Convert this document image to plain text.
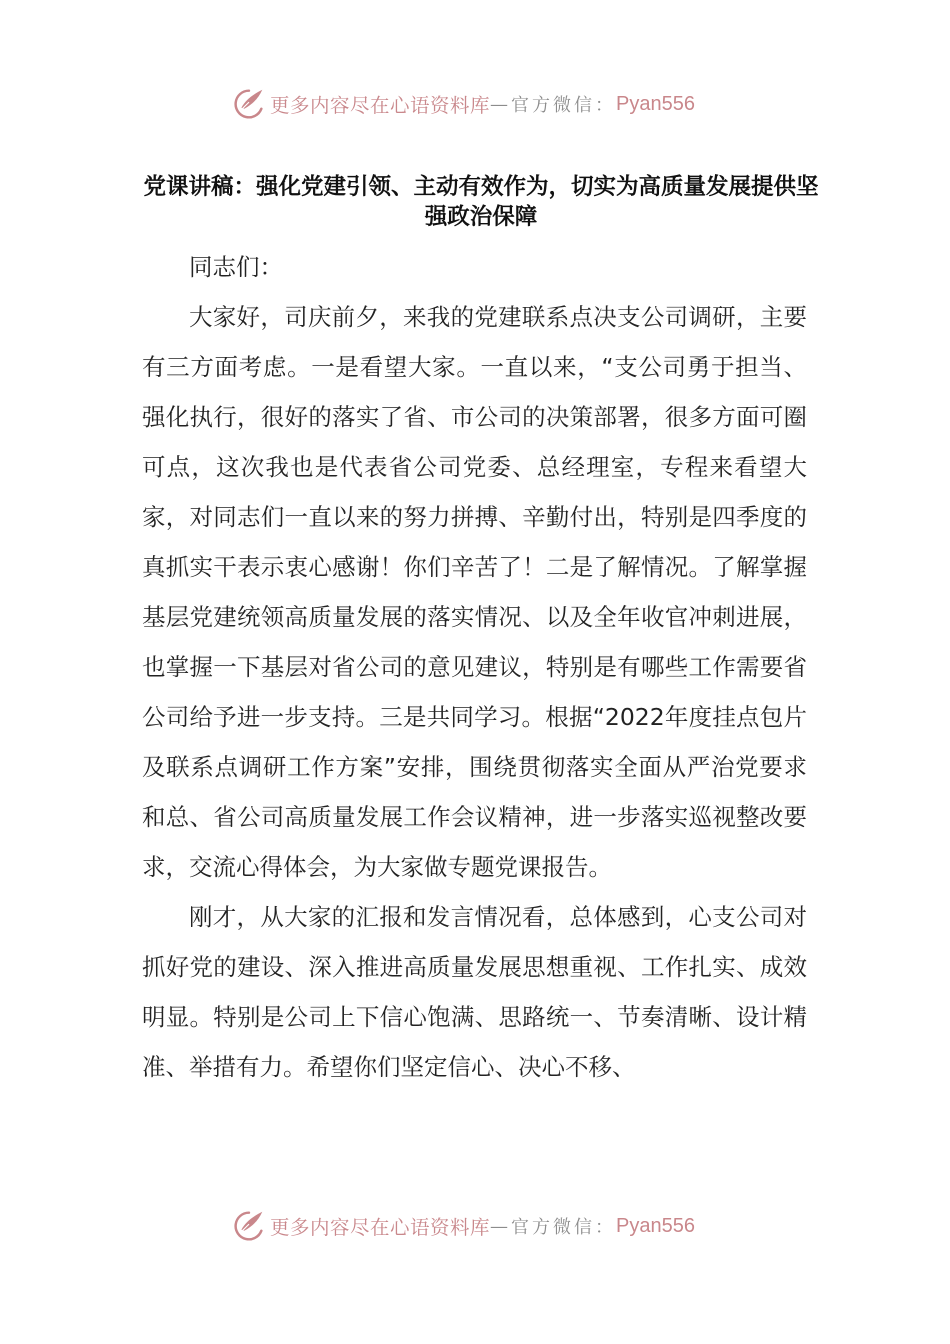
更多内容尽在心语资料库 — 官方微信： Pyan556
党课讲稿：强化党建引领、主动有效作为，切实为高质量发展提供坚强政治保障

同志们：

大家好，司庆前夕，来我的党建联系点决支公司调研，主要有三方面考虑。一是看望大家。一直以来，“支公司勇于担当、强化执行，很好的落实了省、市公司的决策部署，很多方面可圈可点，这次我也是代表省公司党委、总经理室，专程来看望大家，对同志们一直以来的努力拼搏、辛勤付出，特别是四季度的真抓实干表示衷心感谢！你们辛苦了！二是了解情况。了解掌握基层党建统领高质量发展的落实情况、以及全年收官冲刺进展，也掌握一下基层对省公司的意见建议，特别是有哪些工作需要省公司给予进一步支持。三是共同学习。根据“2022年度挂点包片及联系点调研工作方案”安排，围绕贯彻落实全面从严治党要求和总、省公司高质量发展工作会议精神，进一步落实巡视整改要求，交流心得体会，为大家做专题党课报告。

刚才，从大家的汇报和发言情况看，总体感到，心支公司对抓好党的建设、深入推进高质量发展思想重视、工作扎实、成效明显。特别是公司上下信心饱满、思路统一、节奏清晰、设计精准、举措有力。希望你们坚定信心、决心不移、

更多内容尽在心语资料库 — 官方微信： Pyan556
